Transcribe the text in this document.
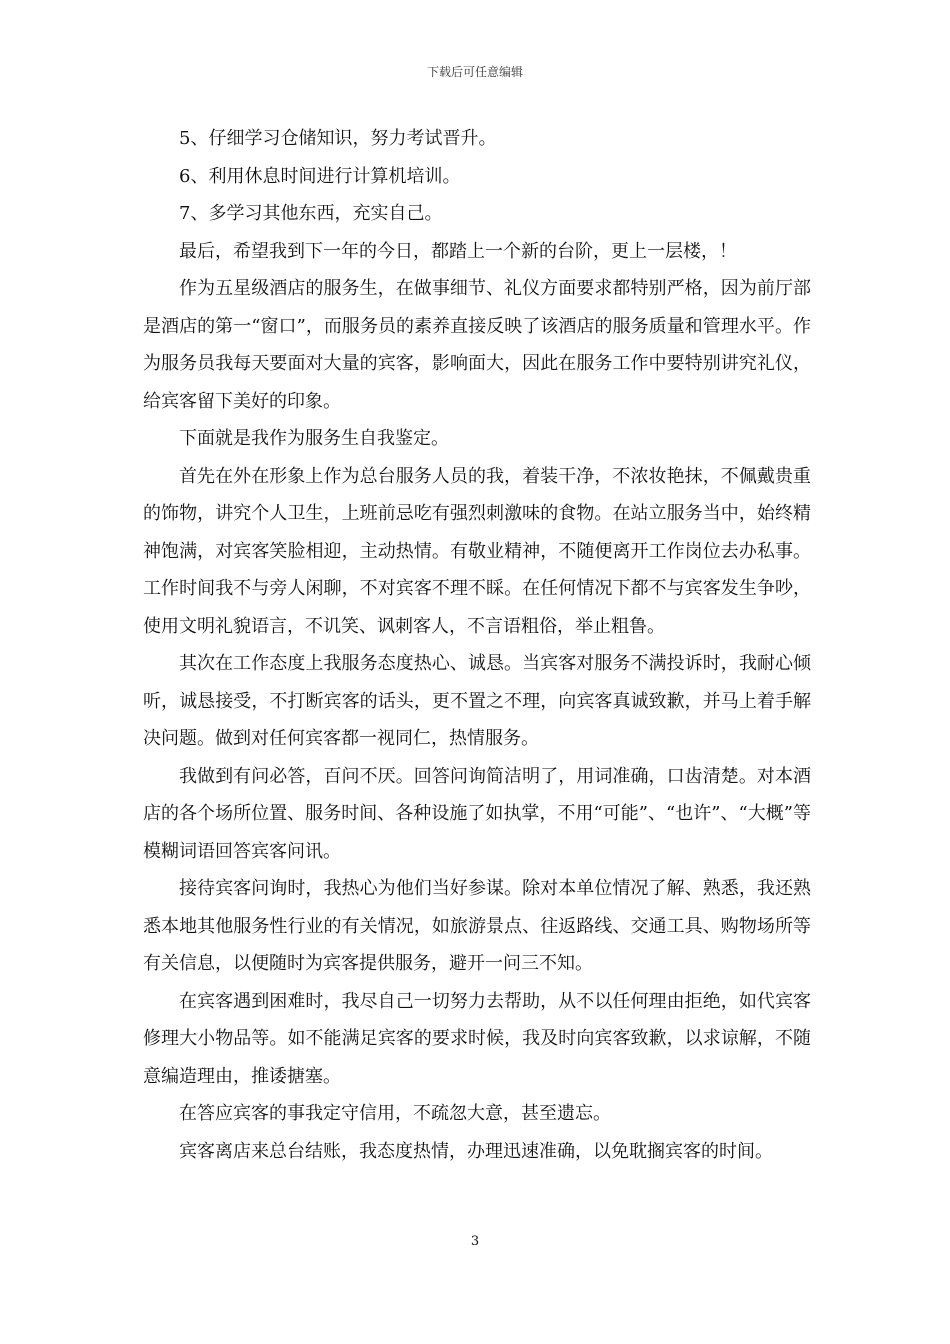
下载后可任意编辑

5、仔细学习仓储知识，努力考试晋升。

6、利用休息时间进行计算机培训。

7、多学习其他东西，充实自己。

最后，希望我到下一年的今日，都踏上一个新的台阶，更上一层楼，！

作为五星级酒店的服务生，在做事细节、礼仪方面要求都特别严格，因为前厅部是酒店的第一“窗口”，而服务员的素养直接反映了该酒店的服务质量和管理水平。作为服务员我每天要面对大量的宾客，影响面大，因此在服务工作中要特别讲究礼仪，给宾客留下美好的印象。

下面就是我作为服务生自我鉴定。

首先在外在形象上作为总台服务人员的我，着装干净，不浓妆艳抹，不佩戴贵重的饰物，讲究个人卫生，上班前忌吃有强烈刺激味的食物。在站立服务当中，始终精神饱满，对宾客笑脸相迎，主动热情。有敬业精神，不随便离开工作岗位去办私事。工作时间我不与旁人闲聊，不对宾客不理不睬。在任何情况下都不与宾客发生争吵，使用文明礼貌语言，不讥笑、讽刺客人，不言语粗俗，举止粗鲁。

其次在工作态度上我服务态度热心、诚恳。当宾客对服务不满投诉时，我耐心倾听，诚恳接受，不打断宾客的话头，更不置之不理，向宾客真诚致歉，并马上着手解决问题。做到对任何宾客都一视同仁，热情服务。

我做到有问必答，百问不厌。回答问询简洁明了，用词准确，口齿清楚。对本酒店的各个场所位置、服务时间、各种设施了如执掌，不用“可能”、“也许”、“大概”等模糊词语回答宾客问讯。

接待宾客问询时，我热心为他们当好参谋。除对本单位情况了解、熟悉，我还熟悉本地其他服务性行业的有关情况，如旅游景点、往返路线、交通工具、购物场所等有关信息，以便随时为宾客提供服务，避开一问三不知。

在宾客遇到困难时，我尽自己一切努力去帮助，从不以任何理由拒绝，如代宾客修理大小物品等。如不能满足宾客的要求时候，我及时向宾客致歉，以求谅解，不随意编造理由，推诿搪塞。

在答应宾客的事我定守信用，不疏忽大意，甚至遗忘。

宾客离店来总台结账，我态度热情，办理迅速准确，以免耽搁宾客的时间。

3
